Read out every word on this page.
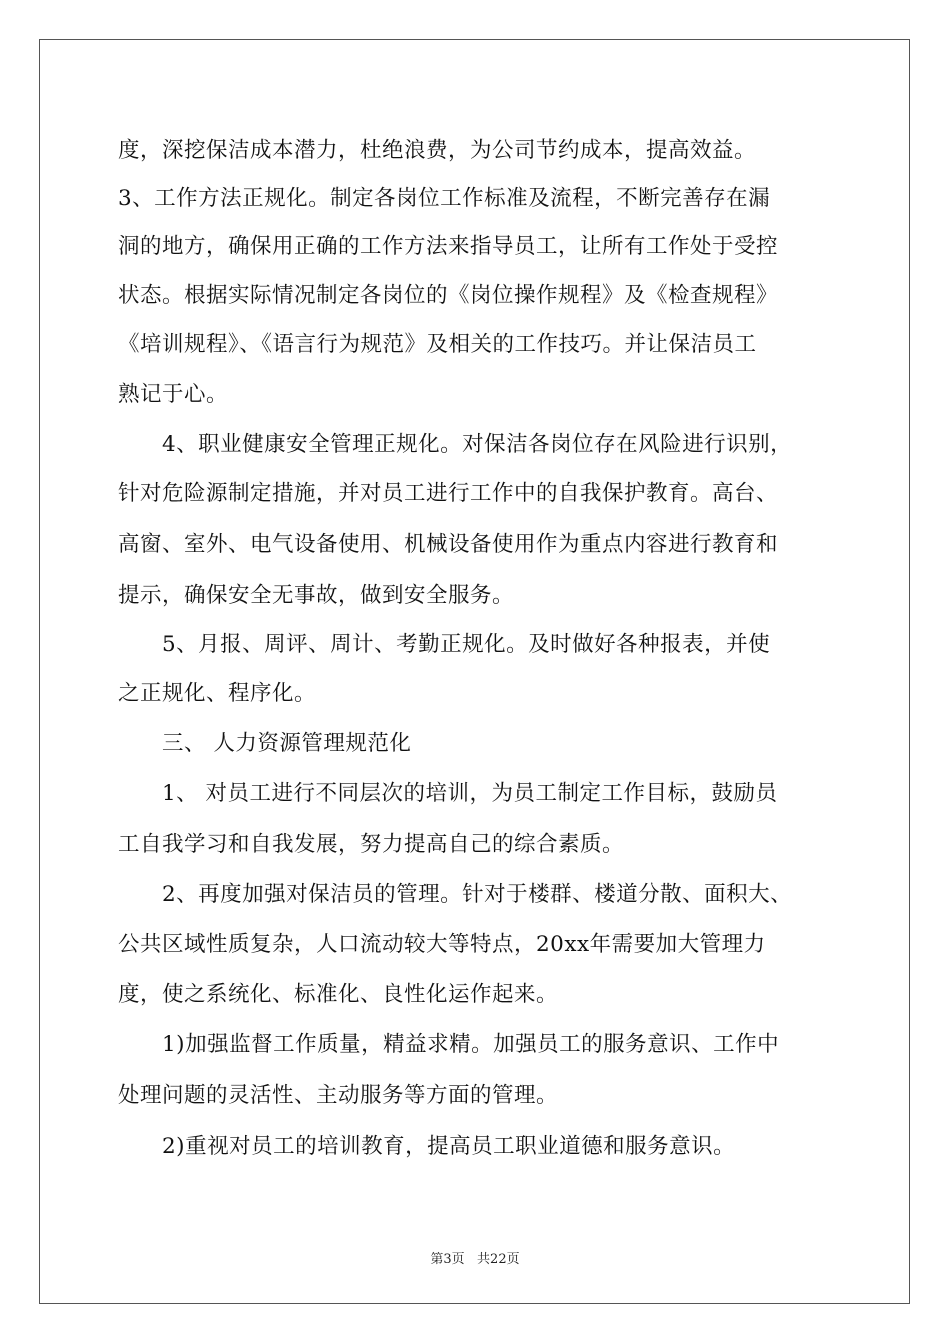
度，深挖保洁成本潜力，杜绝浪费，为公司节约成本，提高效益。
3、工作方法正规化。制定各岗位工作标准及流程，不断完善存在漏
洞的地方，确保用正确的工作方法来指导员工，让所有工作处于受控
状态。根据实际情况制定各岗位的《岗位操作规程》及《检查规程》
《培训规程》、《语言行为规范》及相关的工作技巧。并让保洁员工
熟记于心。
　　4、职业健康安全管理正规化。对保洁各岗位存在风险进行识别，
针对危险源制定措施，并对员工进行工作中的自我保护教育。高台、
高窗、室外、电气设备使用、机械设备使用作为重点内容进行教育和
提示，确保安全无事故，做到安全服务。
　　5、月报、周评、周计、考勤正规化。及时做好各种报表，并使
之正规化、程序化。
　　三、 人力资源管理规范化
　　1、 对员工进行不同层次的培训，为员工制定工作目标，鼓励员
工自我学习和自我发展，努力提高自己的综合素质。
　　2、再度加强对保洁员的管理。针对于楼群、楼道分散、面积大、
公共区域性质复杂，人口流动较大等特点，20xx年需要加大管理力
度，使之系统化、标准化、良性化运作起来。
　　1)加强监督工作质量，精益求精。加强员工的服务意识、工作中
处理问题的灵活性、主动服务等方面的管理。
　　2)重视对员工的培训教育，提高员工职业道德和服务意识。
第3页   共22页
